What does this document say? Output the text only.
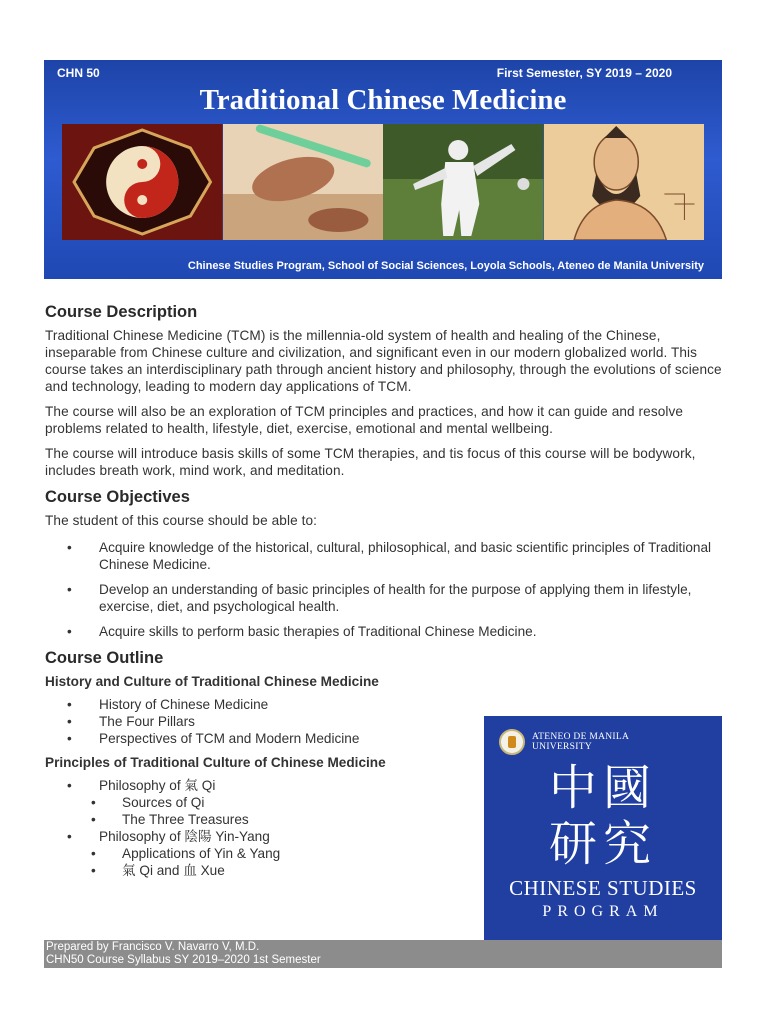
CHN 50	First Semester, SY 2019 – 2020
Traditional Chinese Medicine
Chinese Studies Program, School of Social Sciences, Loyola Schools, Ateneo de Manila University
Course Description

Traditional Chinese Medicine (TCM) is the millennia-old system of health and healing of the Chinese, inseparable from Chinese culture and civilization, and significant even in our modern globalized world. This course takes an interdisciplinary path through ancient history and philosophy, through the evolutions of science and technology, leading to modern day applications of TCM.

The course will also be an exploration of TCM principles and practices, and how it can guide and resolve problems related to health, lifestyle, diet, exercise, emotional and mental wellbeing.

The course will introduce basis skills of some TCM therapies, and tis focus of this course will be bodywork, includes breath work, mind work, and meditation.

Course Objectives

The student of this course should be able to:

• Acquire knowledge of the historical, cultural, philosophical, and basic scientific principles of Traditional Chinese Medicine.
• Develop an understanding of basic principles of health for the purpose of applying them in lifestyle, exercise, diet, and psychological health.
• Acquire skills to perform basic therapies of Traditional Chinese Medicine.
Course Outline
History and Culture of Traditional Chinese Medicine
• History of Chinese Medicine
• The Four Pillars
• Perspectives of TCM and Modern Medicine
Principles of Traditional Culture of Chinese Medicine
• Philosophy of 氣 Qi
• Sources of Qi
• The Three Treasures
• Philosophy of 陰陽 Yin-Yang
• Applications of Yin & Yang
• 氣 Qi and 血 Xue
ATENEO DE MANILA
UNIVERSITY
中國
研究
CHINESE STUDIES
PROGRAM
Prepared by Francisco V. Navarro V, M.D.
CHN50 Course Syllabus SY 2019–2020 1st Semester
